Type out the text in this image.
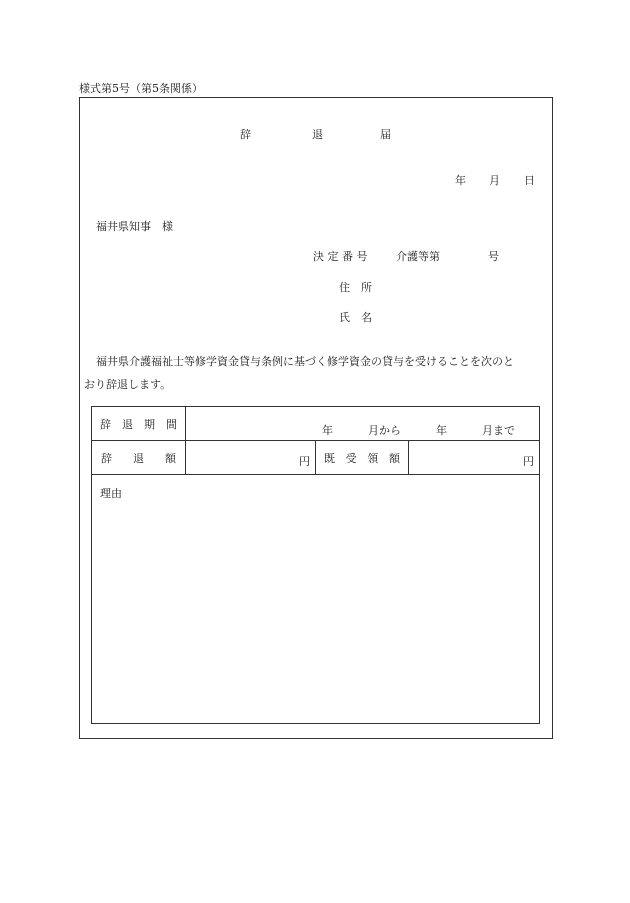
様式第5号（第5条関係）
辞	退	届
年 月 日
福井県知事　様
決 定 番 号	介護等第	号
住　所
氏　名
福井県介護福祉士等修学資金貸与条例に基づく修学資金の貸与を受けることを次のと
おり辞退します。
辞 退 期 間	年 月から 年 月まで		

辞 退 額	円	既 受 領 額	円

理由			
